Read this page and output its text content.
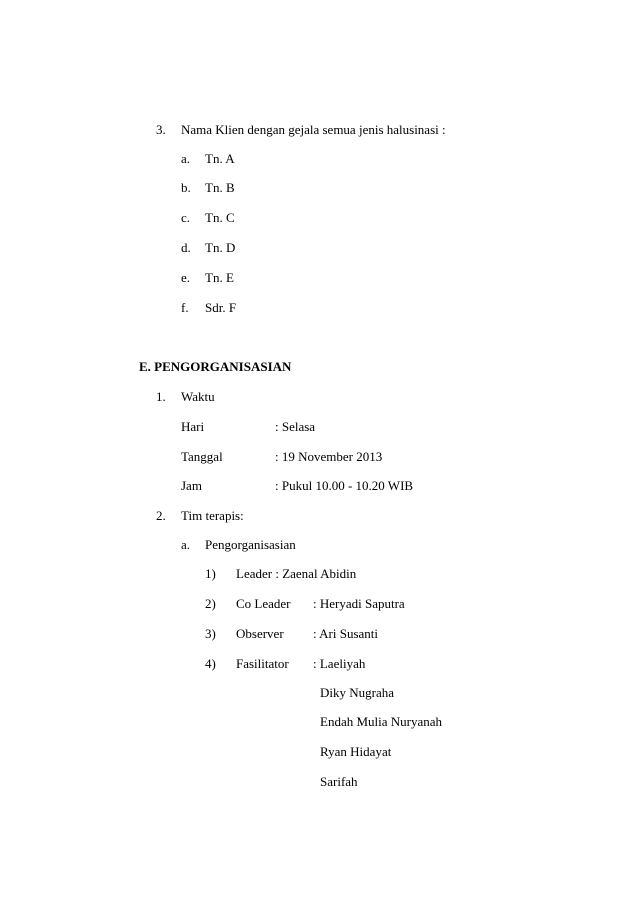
3. Nama Klien dengan gejala semua jenis halusinasi :
a. Tn. A
b. Tn. B
c. Tn. C
d. Tn. D
e. Tn. E
f. Sdr. F
E. PENGORGANISASIAN
1. Waktu
Hari	: Selasa
Tanggal	: 19 November 2013
Jam	: Pukul 10.00 - 10.20 WIB
2. Tim terapis:
a. Pengorganisasian
1) Leader : Zaenal Abidin
2) Co Leader : Heryadi Saputra
3) Observer : Ari Susanti
4) Fasilitator : Laeliyah
Diky Nugraha
Endah Mulia Nuryanah
Ryan Hidayat
Sarifah
